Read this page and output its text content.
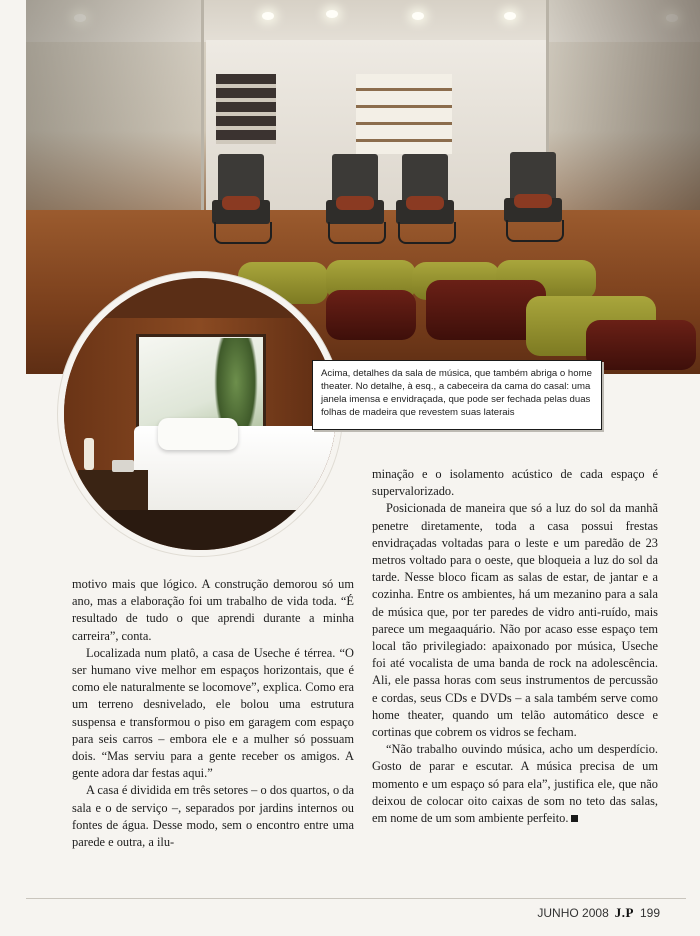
Acima, detalhes da sala de música, que também abriga o home theater. No detalhe, à esq., a cabeceira da cama do casal: uma janela imensa e envidraçada, que pode ser fechada pelas duas folhas de madeira que revestem suas laterais

motivo mais que lógico. A construção demorou só um ano, mas a elaboração foi um trabalho de vida toda. “É resultado de tudo o que aprendi durante a minha carreira”, conta.

Localizada num platô, a casa de Useche é térrea. “O ser humano vive melhor em espaços horizontais, que é como ele naturalmente se locomove”, explica. Como era um terreno desnivelado, ele bolou uma estrutura suspensa e transformou o piso em garagem com espaço para seis carros – embora ele e a mulher só possuam dois. “Mas serviu para a gente receber os amigos. A gente adora dar festas aqui.”

A casa é dividida em três setores – o dos quartos, o da sala e o de serviço –, separados por jardins internos ou fontes de água. Desse modo, sem o encontro entre uma parede e outra, a ilu-

minação e o isolamento acústico de cada espaço é supervalorizado.

Posicionada de maneira que só a luz do sol da manhã penetre diretamente, toda a casa possui frestas envidraçadas voltadas para o leste e um paredão de 23 metros voltado para o oeste, que bloqueia a luz do sol da tarde. Nesse bloco ficam as salas de estar, de jantar e a cozinha. Entre os ambientes, há um mezanino para a sala de música que, por ter paredes de vidro anti-ruído, mais parece um megaaquário. Não por acaso esse espaço tem local tão privilegiado: apaixonado por música, Useche foi até vocalista de uma banda de rock na adolescência. Ali, ele passa horas com seus instrumentos de percussão e cordas, seus CDs e DVDs – a sala também serve como home theater, quando um telão automático desce e cortinas que cobrem os vidros se fecham.

“Não trabalho ouvindo música, acho um desperdício. Gosto de parar e escutar. A música precisa de um momento e um espaço só para ela”, justifica ele, que não deixou de colocar oito caixas de som no teto das salas, em nome de um som ambiente perfeito.

JUNHO 2008 J.P 199
